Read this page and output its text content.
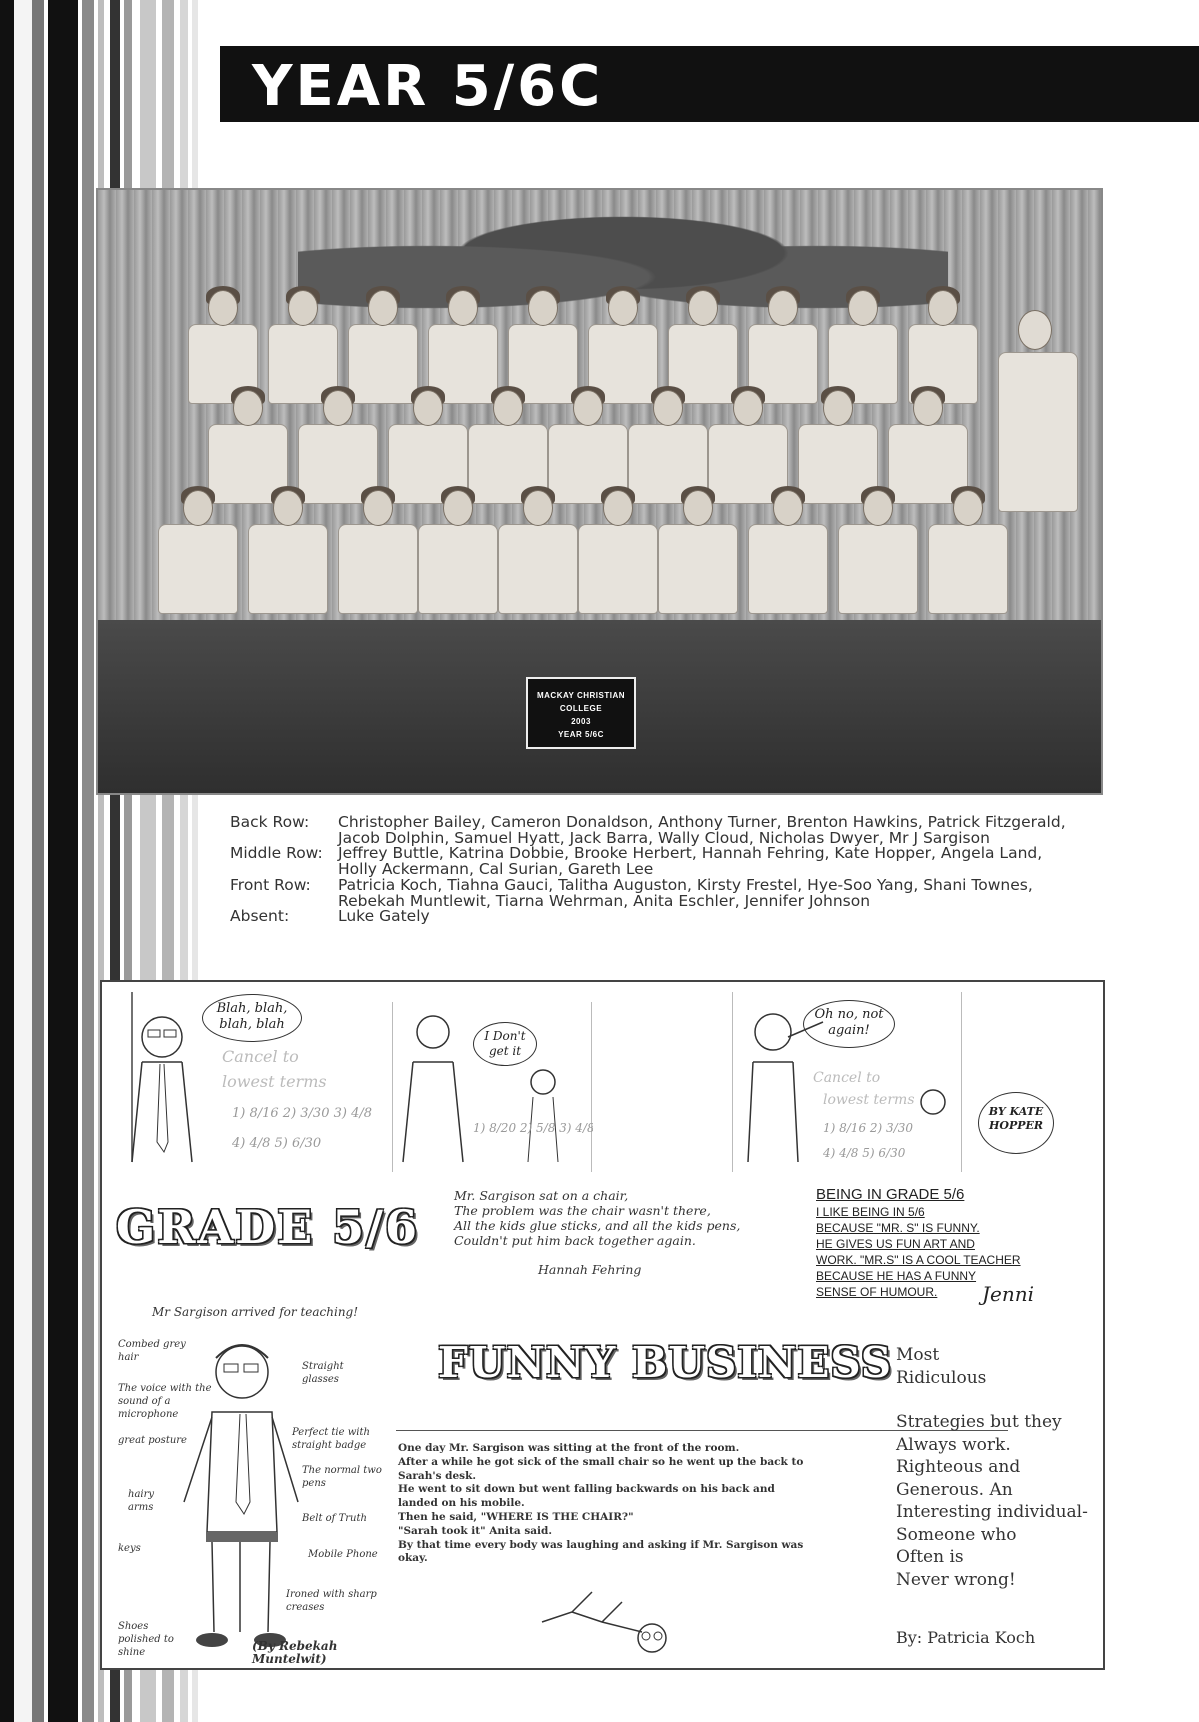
YEAR 5/6C
MACKAY CHRISTIAN
COLLEGE
2003
YEAR 5/6C
Back Row:	Christopher Bailey, Cameron Donaldson, Anthony Turner, Brenton Hawkins, Patrick Fitzgerald,
Jacob Dolphin, Samuel Hyatt, Jack Barra, Wally Cloud, Nicholas Dwyer, Mr J Sargison
Middle Row: Jeffrey Buttle, Katrina Dobbie, Brooke Herbert, Hannah Fehring, Kate Hopper, Angela Land,
Holly Ackermann, Cal Surian, Gareth Lee
Front Row:	Patricia Koch, Tiahna Gauci, Talitha Auguston, Kirsty Frestel, Hye-Soo Yang, Shani Townes,
Rebekah Muntlewit, Tiarna Wehrman, Anita Eschler, Jennifer Johnson
Absent:	Luke Gately
Cancel to
lowest terms
1) 8/16 2) 3/30 3) 4/8
4) 4/8 5) 6/30
Blah, blah, blah, blah
1) 8/20 2) 5/8 3) 4/8
I Don't get it
Cancel to
lowest terms
1) 8/16 2) 3/30
4) 4/8 5) 6/30
Oh no, not again!
BY KATE HOPPER
GRADE 5/6
Mr. Sargison sat on a chair,
The problem was the chair wasn't there,
All the kids glue sticks, and all the kids pens,
Couldn't put him back together again.
Hannah Fehring
BEING IN GRADE 5/6
I LIKE BEING IN 5/6
BECAUSE "MR. S" IS FUNNY.
HE GIVES US FUN ART AND
WORK. "MR.S" IS A COOL TEACHER
BECAUSE HE HAS A FUNNY
SENSE OF HUMOUR.	Jenni
Mr Sargison arrived for teaching!
Combed grey hair
Straight glasses
The voice with the sound of a microphone
great posture
Perfect tie with straight badge
The normal two pens
hairy arms
Belt of Truth
keys
Mobile Phone
Ironed with sharp creases
Shoes polished to shine	(By Rebekah Muntelwit)
FUNNY BUSINESS
One day Mr. Sargison was sitting at the front of the room.
After a while he got sick of the small chair so he went up the back to Sarah's desk.
He went to sit down but went falling backwards on his back and landed on his mobile.
Then he said, "WHERE IS THE CHAIR?"
"Sarah took it" Anita said.
By that time every body was laughing and asking if Mr. Sargison was okay.
Most
Ridiculous
Strategies but they
Always work.
Righteous and
Generous. An
Interesting individual-
Someone who
Often is
Never wrong!
By: Patricia Koch
